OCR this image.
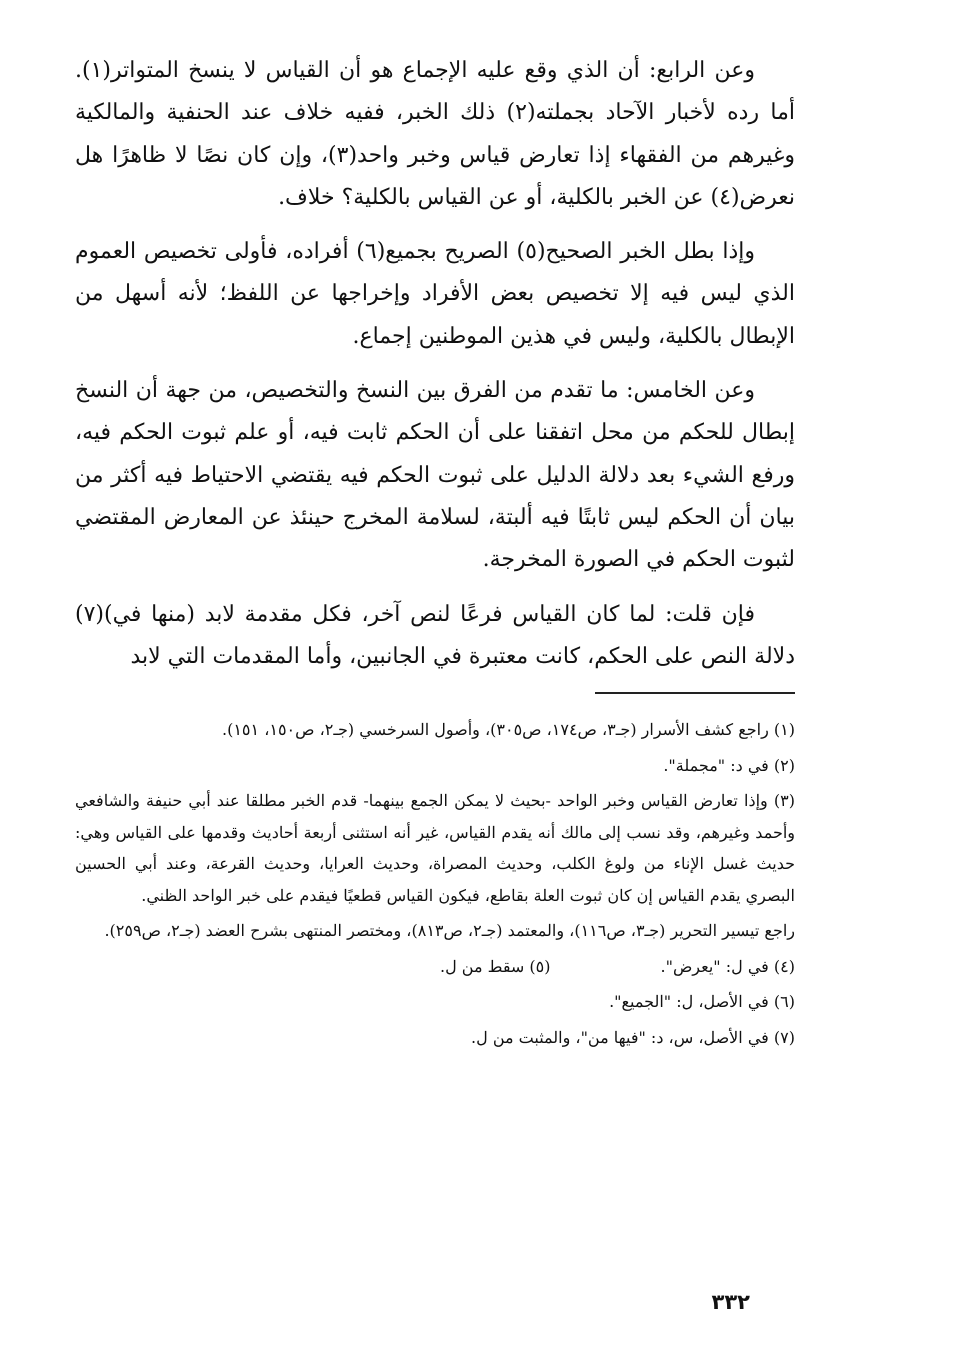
وعن الرابع: أن الذي وقع عليه الإجماع هو أن القياس لا ينسخ المتواتر(١). أما رده لأخبار الآحاد بجملته(٢) ذلك الخبر، ففيه خلاف عند الحنفية والمالكية وغيرهم من الفقهاء إذا تعارض قياس وخبر واحد(٣)، وإن كان نصًا لا ظاهرًا هل نعرض(٤) عن الخبر بالكلية، أو عن القياس بالكلية؟ خلاف.

وإذا بطل الخبر الصحيح(٥) الصريح بجميع(٦) أفراده، فأولى تخصيص العموم الذي ليس فيه إلا تخصيص بعض الأفراد وإخراجها عن اللفظ؛ لأنه أسهل من الإبطال بالكلية، وليس في هذين الموطنين إجماع.

وعن الخامس: ما تقدم من الفرق بين النسخ والتخصيص، من جهة أن النسخ إبطال للحكم من محل اتفقنا على أن الحكم ثابت فيه، أو علم ثبوت الحكم فيه، ورفع الشيء بعد دلالة الدليل على ثبوت الحكم فيه يقتضي الاحتياط فيه أكثر من بيان أن الحكم ليس ثابتًا فيه ألبتة، لسلامة المخرج حينئذ عن المعارض المقتضي لثبوت الحكم في الصورة المخرجة.

فإن قلت: لما كان القياس فرعًا لنص آخر، فكل مقدمة لابد (منها في)(٧) دلالة النص على الحكم، كانت معتبرة في الجانبين، وأما المقدمات التي لابد

(١) راجع كشف الأسرار (جـ٣، ص١٧٤، ص٣٠٥)، وأصول السرخسي (جـ٢، ص١٥٠، ١٥١).

(٢) في د: "مجملة".

(٣) وإذا تعارض القياس وخبر الواحد -بحيث لا يمكن الجمع بينهما- قدم الخبر مطلقا عند أبي حنيفة والشافعي وأحمد وغيرهم، وقد نسب إلى مالك أنه يقدم القياس، غير أنه استثنى أربعة أحاديث وقدمها على القياس وهي: حديث غسل الإناء من ولوغ الكلب، وحديث المصراة، وحديث العرايا، وحديث القرعة، وعند أبي الحسين البصري يقدم القياس إن كان ثبوت العلة بقاطع، فيكون القياس قطعيًا فيقدم على خبر الواحد الظني.

راجع تيسير التحرير (جـ٣، ص١١٦)، والمعتمد (جـ٢، ص٨١٣)، ومختصر المنتهى بشرح العضد (جـ٢، ص٢٥٩).

(٤) في ل: "يعرض".
(٥) سقط من ل.

(٦) في الأصل، ل: "الجميع".

(٧) في الأصل، س، د: "فيها من"، والمثبت من ل.

٣٣٢
